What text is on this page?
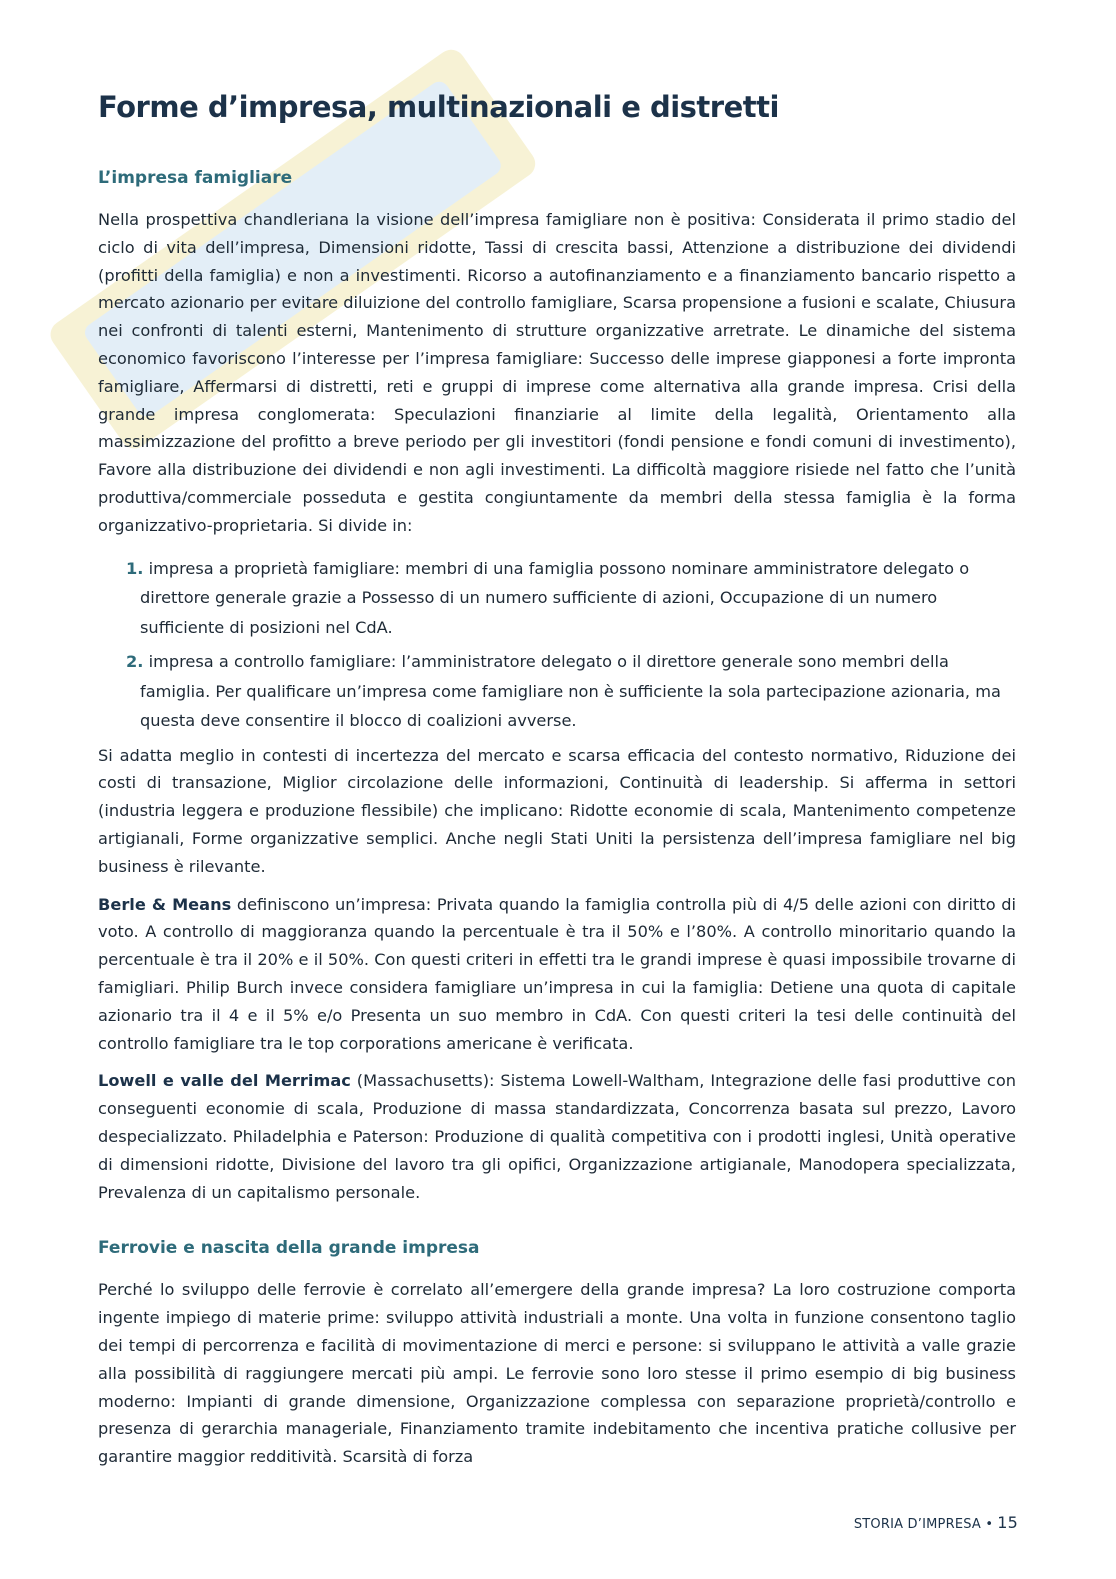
Forme d’impresa, multinazionali e distretti
L’impresa famigliare

Nella prospettiva chandleriana la visione dell’impresa famigliare non è positiva: Considerata il primo stadio del ciclo di vita dell’impresa, Dimensioni ridotte, Tassi di crescita bassi, Attenzione a distribuzione dei dividendi (profitti della famiglia) e non a investimenti. Ricorso a autofinanziamento e a finanziamento bancario rispetto a mercato azionario per evitare diluizione del controllo famigliare, Scarsa propensione a fusioni e scalate, Chiusura nei confronti di talenti esterni, Mantenimento di strutture organizzative arretrate. Le dinamiche del sistema economico favoriscono l’interesse per l’impresa famigliare: Successo delle imprese giapponesi a forte impronta famigliare, Affermarsi di distretti, reti e gruppi di imprese come alternativa alla grande impresa. Crisi della grande impresa conglomerata: Speculazioni finanziarie al limite della legalità, Orientamento alla massimizzazione del profitto a breve periodo per gli investitori (fondi pensione e fondi comuni di investimento), Favore alla distribuzione dei dividendi e non agli investimenti. La difficoltà maggiore risiede nel fatto che l’unità produttiva/commerciale posseduta e gestita congiuntamente da membri della stessa famiglia è la forma organizzativo-proprietaria. Si divide in:

1. impresa a proprietà famigliare: membri di una famiglia possono nominare amministratore delegato o direttore generale grazie a Possesso di un numero sufficiente di azioni, Occupazione di un numero sufficiente di posizioni nel CdA.
2. impresa a controllo famigliare: l’amministratore delegato o il direttore generale sono membri della famiglia. Per qualificare un’impresa come famigliare non è sufficiente la sola partecipazione azionaria, ma questa deve consentire il blocco di coalizioni avverse.

Si adatta meglio in contesti di incertezza del mercato e scarsa efficacia del contesto normativo, Riduzione dei costi di transazione, Miglior circolazione delle informazioni, Continuità di leadership. Si afferma in settori (industria leggera e produzione flessibile) che implicano: Ridotte economie di scala, Mantenimento competenze artigianali, Forme organizzative semplici. Anche negli Stati Uniti la persistenza dell’impresa famigliare nel big business è rilevante.

Berle & Means definiscono un’impresa: Privata quando la famiglia controlla più di 4/5 delle azioni con diritto di voto. A controllo di maggioranza quando la percentuale è tra il 50% e l’80%. A controllo minoritario quando la percentuale è tra il 20% e il 50%. Con questi criteri in effetti tra le grandi imprese è quasi impossibile trovarne di famigliari. Philip Burch invece considera famigliare un’impresa in cui la famiglia: Detiene una quota di capitale azionario tra il 4 e il 5% e/o Presenta un suo membro in CdA. Con questi criteri la tesi delle continuità del controllo famigliare tra le top corporations americane è verificata.

Lowell e valle del Merrimac (Massachusetts): Sistema Lowell-Waltham, Integrazione delle fasi produttive con conseguenti economie di scala, Produzione di massa standardizzata, Concorrenza basata sul prezzo, Lavoro despecializzato. Philadelphia e Paterson: Produzione di qualità competitiva con i prodotti inglesi, Unità operative di dimensioni ridotte, Divisione del lavoro tra gli opifici, Organizzazione artigianale, Manodopera specializzata, Prevalenza di un capitalismo personale.

Ferrovie e nascita della grande impresa

Perché lo sviluppo delle ferrovie è correlato all’emergere della grande impresa? La loro costruzione comporta ingente impiego di materie prime: sviluppo attività industriali a monte. Una volta in funzione consentono taglio dei tempi di percorrenza e facilità di movimentazione di merci e persone: si sviluppano le attività a valle grazie alla possibilità di raggiungere mercati più ampi. Le ferrovie sono loro stesse il primo esempio di big business moderno: Impianti di grande dimensione, Organizzazione complessa con separazione proprietà/controllo e presenza di gerarchia manageriale, Finanziamento tramite indebitamento che incentiva pratiche collusive per garantire maggior redditività. Scarsità di forza

STORIA D’IMPRESA • 15
